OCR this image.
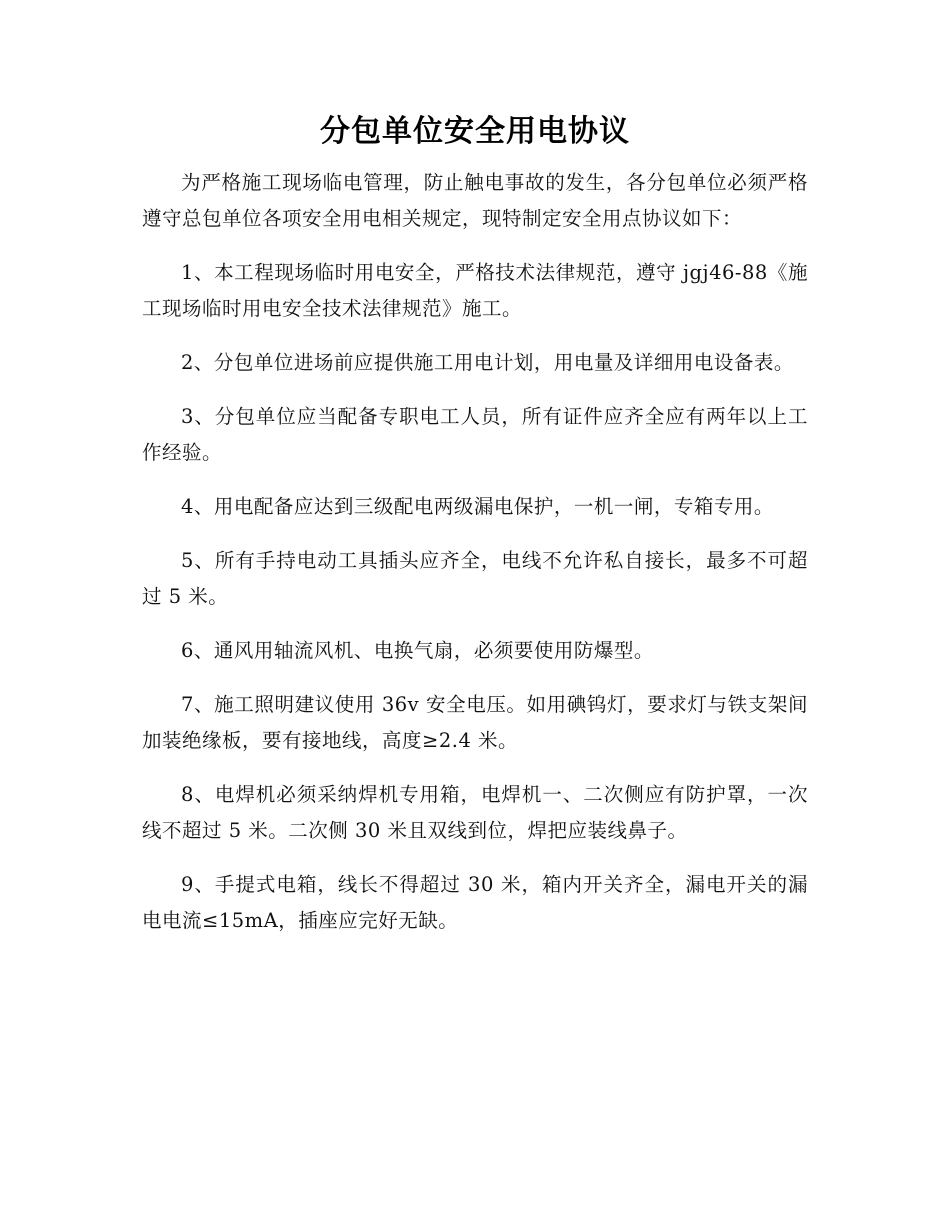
分包单位安全用电协议

为严格施工现场临电管理，防止触电事故的发生，各分包单位必须严格遵守总包单位各项安全用电相关规定，现特制定安全用点协议如下：

1、本工程现场临时用电安全，严格技术法律规范，遵守 jgj46-88《施工现场临时用电安全技术法律规范》施工。

2、分包单位进场前应提供施工用电计划，用电量及详细用电设备表。

3、分包单位应当配备专职电工人员，所有证件应齐全应有两年以上工作经验。

4、用电配备应达到三级配电两级漏电保护，一机一闸，专箱专用。

5、所有手持电动工具插头应齐全，电线不允许私自接长，最多不可超过 5 米。

6、通风用轴流风机、电换气扇，必须要使用防爆型。

7、施工照明建议使用 36v 安全电压。如用碘钨灯，要求灯与铁支架间加装绝缘板，要有接地线，高度≥2.4 米。

8、电焊机必须采纳焊机专用箱，电焊机一、二次侧应有防护罩，一次线不超过 5 米。二次侧 30 米且双线到位，焊把应装线鼻子。

9、手提式电箱，线长不得超过 30 米，箱内开关齐全，漏电开关的漏电电流≤15mA，插座应完好无缺。
